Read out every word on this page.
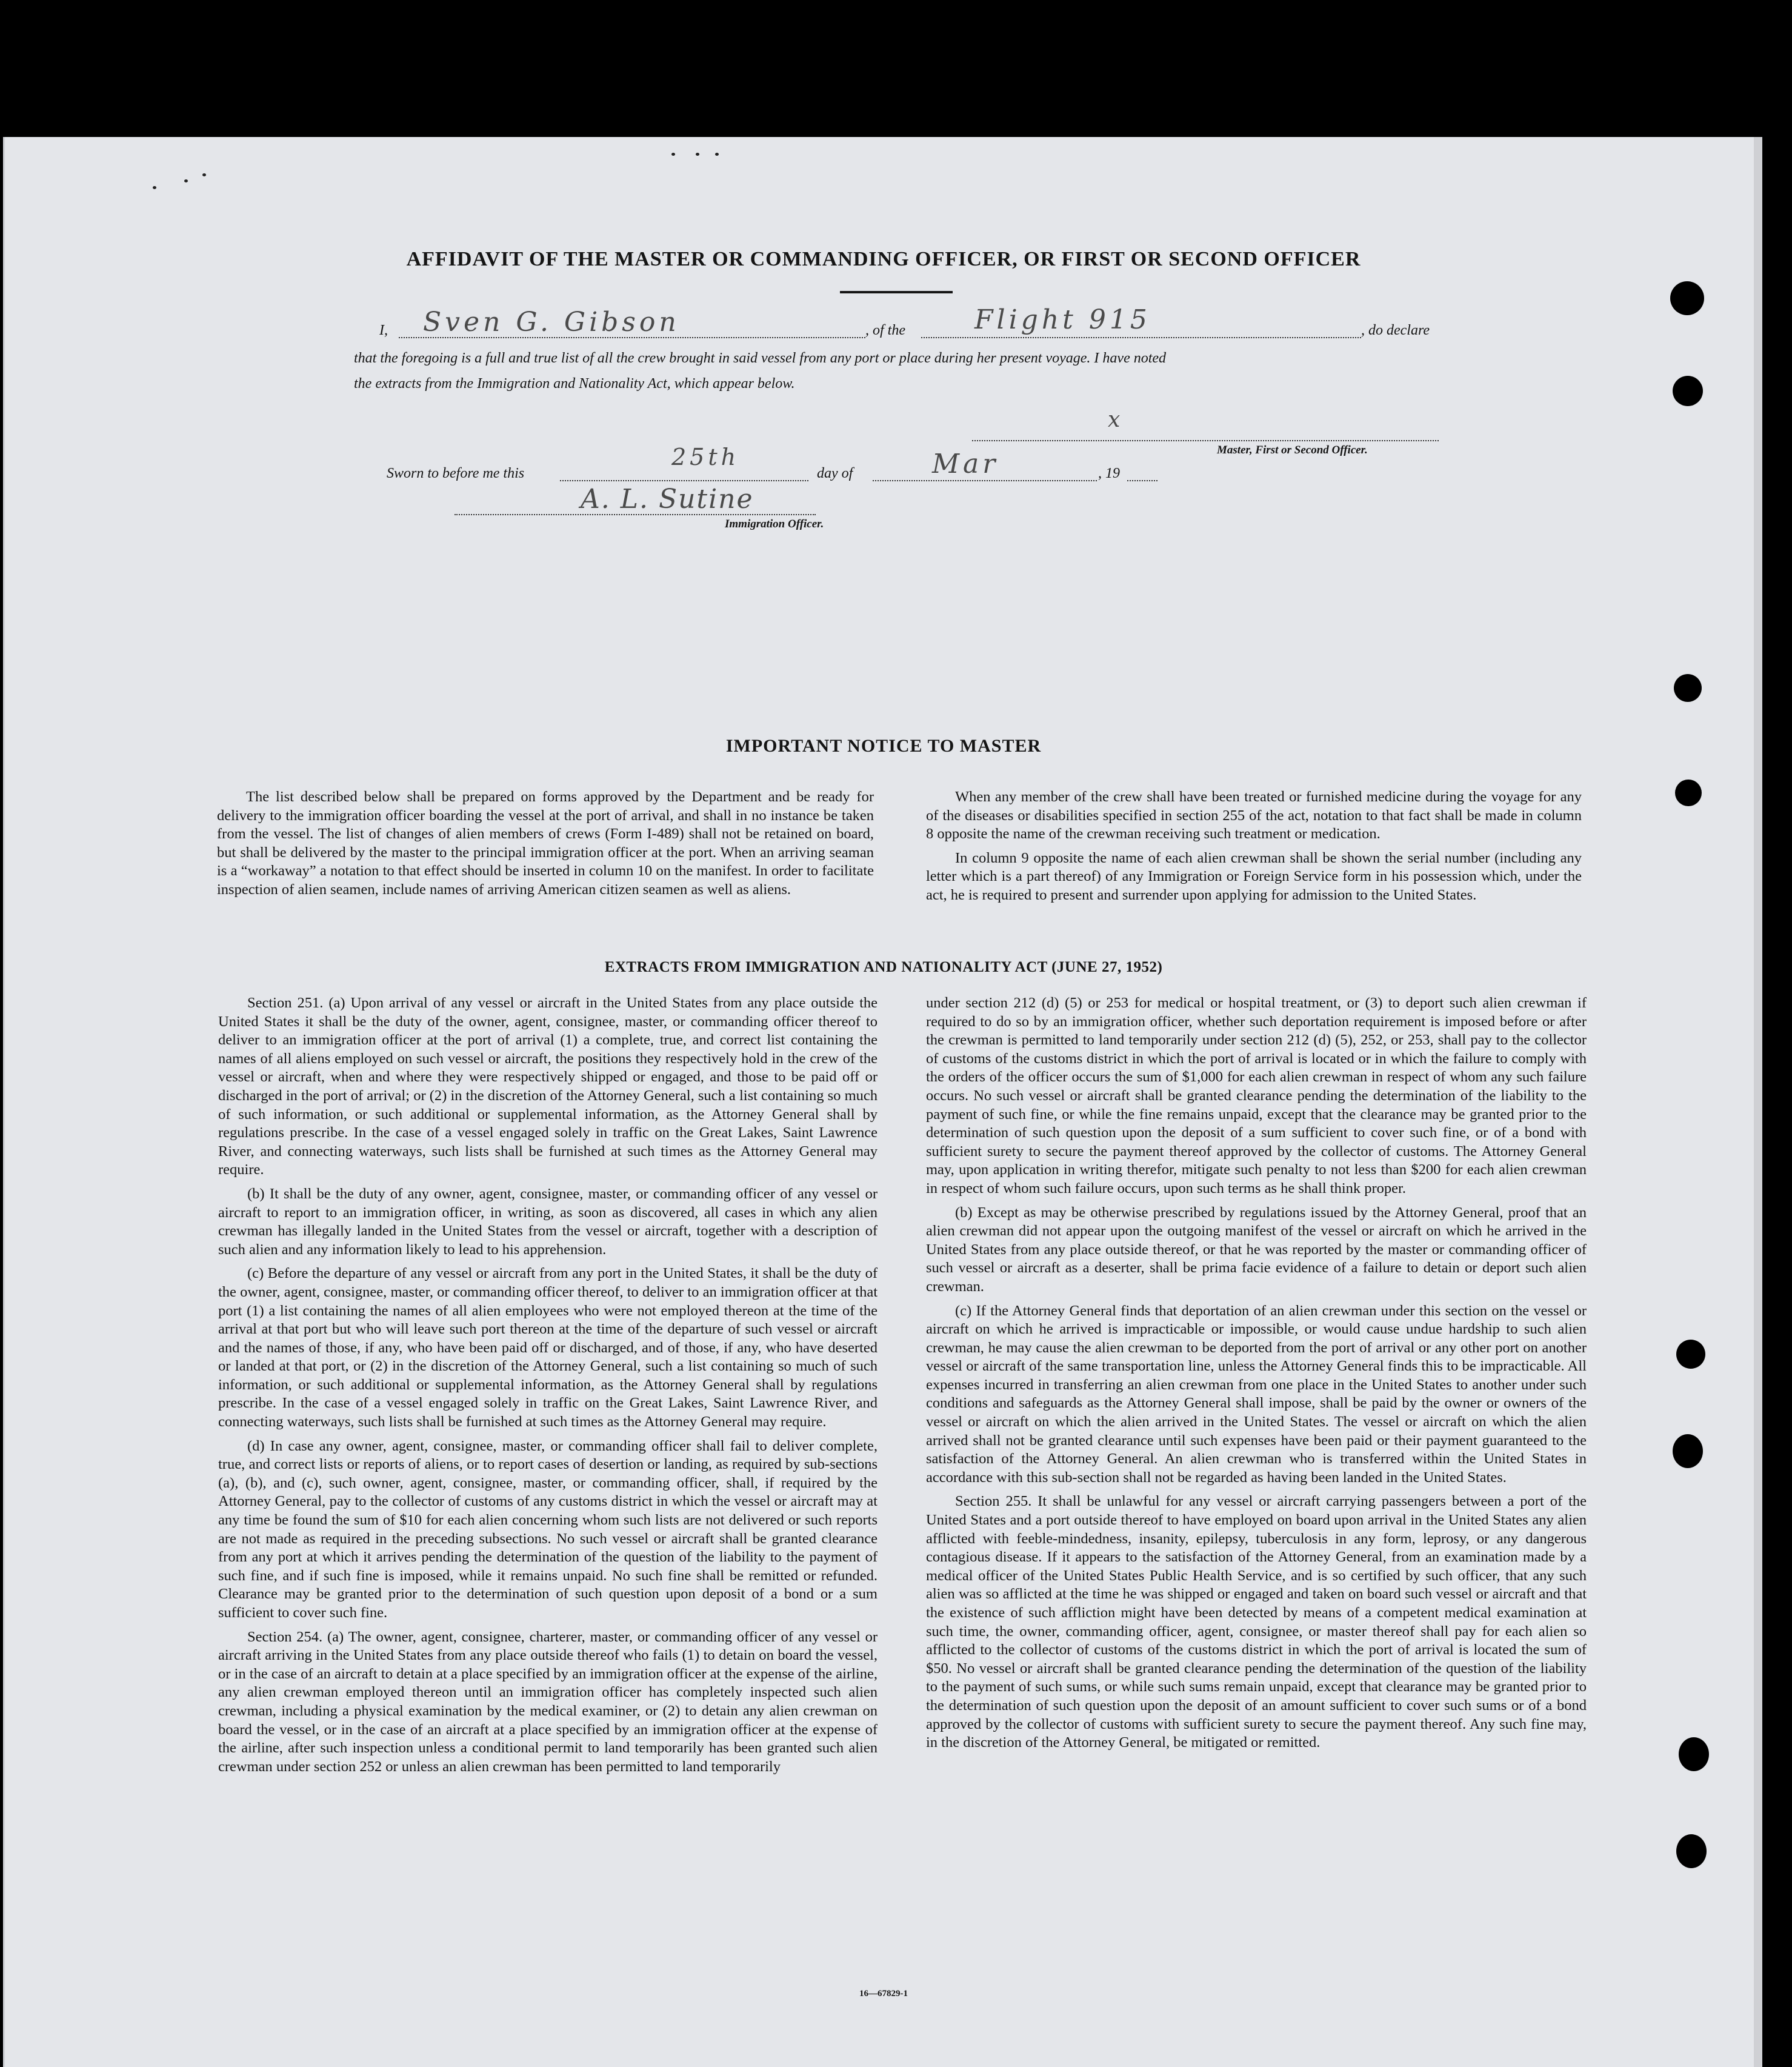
AFFIDAVIT OF THE MASTER OR COMMANDING OFFICER, OR FIRST OR SECOND OFFICER
I, Sven G. Gibson	, of the	Flight 915	, do declare
that the foregoing is a full and true list of all the crew brought in said vessel from any port or place during her present voyage. I have noted
the extracts from the Immigration and Nationality Act, which appear below.
x
Master, First or Second Officer.
Sworn to before me this
25th
day of	Mar	, 19
A. L. Sutine
Immigration Officer.
IMPORTANT NOTICE TO MASTER

The list described below shall be prepared on forms approved by the Department and be ready for delivery to the immigration officer boarding the vessel at the port of arrival, and shall in no instance be taken from the vessel. The list of changes of alien members of crews (Form I-489) shall not be retained on board, but shall be delivered by the master to the principal immigration officer at the port. When an arriving seaman is a “workaway” a notation to that effect should be inserted in column 10 on the manifest. In order to facilitate inspection of alien seamen, include names of arriving American citizen seamen as well as aliens.

When any member of the crew shall have been treated or furnished medicine during the voyage for any of the diseases or disabilities specified in section 255 of the act, notation to that fact shall be made in column 8 opposite the name of the crewman receiving such treatment or medication.

In column 9 opposite the name of each alien crewman shall be shown the serial number (including any letter which is a part thereof) of any Immigration or Foreign Service form in his possession which, under the act, he is required to present and surrender upon applying for admission to the United States.

EXTRACTS FROM IMMIGRATION AND NATIONALITY ACT (JUNE 27, 1952)

Section 251. (a) Upon arrival of any vessel or aircraft in the United States from any place outside the United States it shall be the duty of the owner, agent, consignee, master, or commanding officer thereof to deliver to an immigration officer at the port of arrival (1) a complete, true, and correct list containing the names of all aliens employed on such vessel or aircraft, the positions they respectively hold in the crew of the vessel or aircraft, when and where they were respectively shipped or engaged, and those to be paid off or discharged in the port of arrival; or (2) in the discretion of the Attorney General, such a list containing so much of such information, or such additional or supplemental information, as the Attorney General shall by regulations prescribe. In the case of a vessel engaged solely in traffic on the Great Lakes, Saint Lawrence River, and connecting waterways, such lists shall be furnished at such times as the Attorney General may require.

(b) It shall be the duty of any owner, agent, consignee, master, or commanding officer of any vessel or aircraft to report to an immigration officer, in writing, as soon as discovered, all cases in which any alien crewman has illegally landed in the United States from the vessel or aircraft, together with a description of such alien and any information likely to lead to his apprehension.

(c) Before the departure of any vessel or aircraft from any port in the United States, it shall be the duty of the owner, agent, consignee, master, or commanding officer thereof, to deliver to an immigration officer at that port (1) a list containing the names of all alien employees who were not employed thereon at the time of the arrival at that port but who will leave such port thereon at the time of the departure of such vessel or aircraft and the names of those, if any, who have been paid off or discharged, and of those, if any, who have deserted or landed at that port, or (2) in the discretion of the Attorney General, such a list containing so much of such information, or such additional or supplemental information, as the Attorney General shall by regulations prescribe. In the case of a vessel engaged solely in traffic on the Great Lakes, Saint Lawrence River, and connecting waterways, such lists shall be furnished at such times as the Attorney General may require.

(d) In case any owner, agent, consignee, master, or commanding officer shall fail to deliver complete, true, and correct lists or reports of aliens, or to report cases of desertion or landing, as required by sub-sections (a), (b), and (c), such owner, agent, consignee, master, or commanding officer, shall, if required by the Attorney General, pay to the collector of customs of any customs district in which the vessel or aircraft may at any time be found the sum of $10 for each alien concerning whom such lists are not delivered or such reports are not made as required in the preceding subsections. No such vessel or aircraft shall be granted clearance from any port at which it arrives pending the determination of the question of the liability to the payment of such fine, and if such fine is imposed, while it remains unpaid. No such fine shall be remitted or refunded. Clearance may be granted prior to the determination of such question upon deposit of a bond or a sum sufficient to cover such fine.

Section 254. (a) The owner, agent, consignee, charterer, master, or commanding officer of any vessel or aircraft arriving in the United States from any place outside thereof who fails (1) to detain on board the vessel, or in the case of an aircraft to detain at a place specified by an immigration officer at the expense of the airline, any alien crewman employed thereon until an immigration officer has completely inspected such alien crewman, including a physical examination by the medical examiner, or (2) to detain any alien crewman on board the vessel, or in the case of an aircraft at a place specified by an immigration officer at the expense of the airline, after such inspection unless a conditional permit to land temporarily has been granted such alien crewman under section 252 or unless an alien crewman has been permitted to land temporarily

under section 212 (d) (5) or 253 for medical or hospital treatment, or (3) to deport such alien crewman if required to do so by an immigration officer, whether such deportation requirement is imposed before or after the crewman is permitted to land temporarily under section 212 (d) (5), 252, or 253, shall pay to the collector of customs of the customs district in which the port of arrival is located or in which the failure to comply with the orders of the officer occurs the sum of $1,000 for each alien crewman in respect of whom any such failure occurs. No such vessel or aircraft shall be granted clearance pending the determination of the liability to the payment of such fine, or while the fine remains unpaid, except that the clearance may be granted prior to the determination of such question upon the deposit of a sum sufficient to cover such fine, or of a bond with sufficient surety to secure the payment thereof approved by the collector of customs. The Attorney General may, upon application in writing therefor, mitigate such penalty to not less than $200 for each alien crewman in respect of whom such failure occurs, upon such terms as he shall think proper.

(b) Except as may be otherwise prescribed by regulations issued by the Attorney General, proof that an alien crewman did not appear upon the outgoing manifest of the vessel or aircraft on which he arrived in the United States from any place outside thereof, or that he was reported by the master or commanding officer of such vessel or aircraft as a deserter, shall be prima facie evidence of a failure to detain or deport such alien crewman.

(c) If the Attorney General finds that deportation of an alien crewman under this section on the vessel or aircraft on which he arrived is impracticable or impossible, or would cause undue hardship to such alien crewman, he may cause the alien crewman to be deported from the port of arrival or any other port on another vessel or aircraft of the same transportation line, unless the Attorney General finds this to be impracticable. All expenses incurred in transferring an alien crewman from one place in the United States to another under such conditions and safeguards as the Attorney General shall impose, shall be paid by the owner or owners of the vessel or aircraft on which the alien arrived in the United States. The vessel or aircraft on which the alien arrived shall not be granted clearance until such expenses have been paid or their payment guaranteed to the satisfaction of the Attorney General. An alien crewman who is transferred within the United States in accordance with this sub-section shall not be regarded as having been landed in the United States.

Section 255. It shall be unlawful for any vessel or aircraft carrying passengers between a port of the United States and a port outside thereof to have employed on board upon arrival in the United States any alien afflicted with feeble-mindedness, insanity, epilepsy, tuberculosis in any form, leprosy, or any dangerous contagious disease. If it appears to the satisfaction of the Attorney General, from an examination made by a medical officer of the United States Public Health Service, and is so certified by such officer, that any such alien was so afflicted at the time he was shipped or engaged and taken on board such vessel or aircraft and that the existence of such affliction might have been detected by means of a competent medical examination at such time, the owner, commanding officer, agent, consignee, or master thereof shall pay for each alien so afflicted to the collector of customs of the customs district in which the port of arrival is located the sum of $50. No vessel or aircraft shall be granted clearance pending the determination of the question of the liability to the payment of such sums, or while such sums remain unpaid, except that clearance may be granted prior to the determination of such question upon the deposit of an amount sufficient to cover such sums or of a bond approved by the collector of customs with sufficient surety to secure the payment thereof. Any such fine may, in the discretion of the Attorney General, be mitigated or remitted.

16—67829-1
